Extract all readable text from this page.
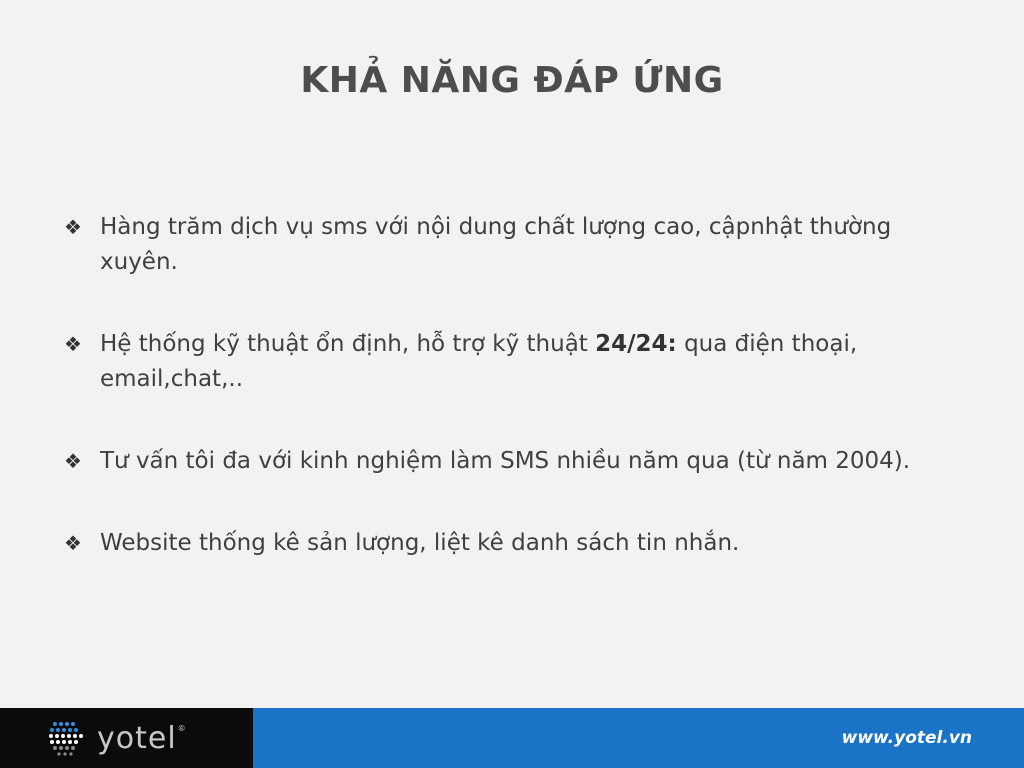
KHẢ NĂNG ĐÁP ỨNG
❖ Hàng trăm dịch vụ sms với nội dung chất lượng cao, cậpnhật thường xuyên.
❖ Hệ thống kỹ thuật ổn định, hỗ trợ kỹ thuật 24/24: qua điện thoại, email,chat,..
❖ Tư vấn tôi đa với kinh nghiệm làm SMS nhiều năm qua (từ năm 2004).
❖ Website thống kê sản lượng, liệt kê danh sách tin nhắn.
yotel ®	www.yotel.vn
